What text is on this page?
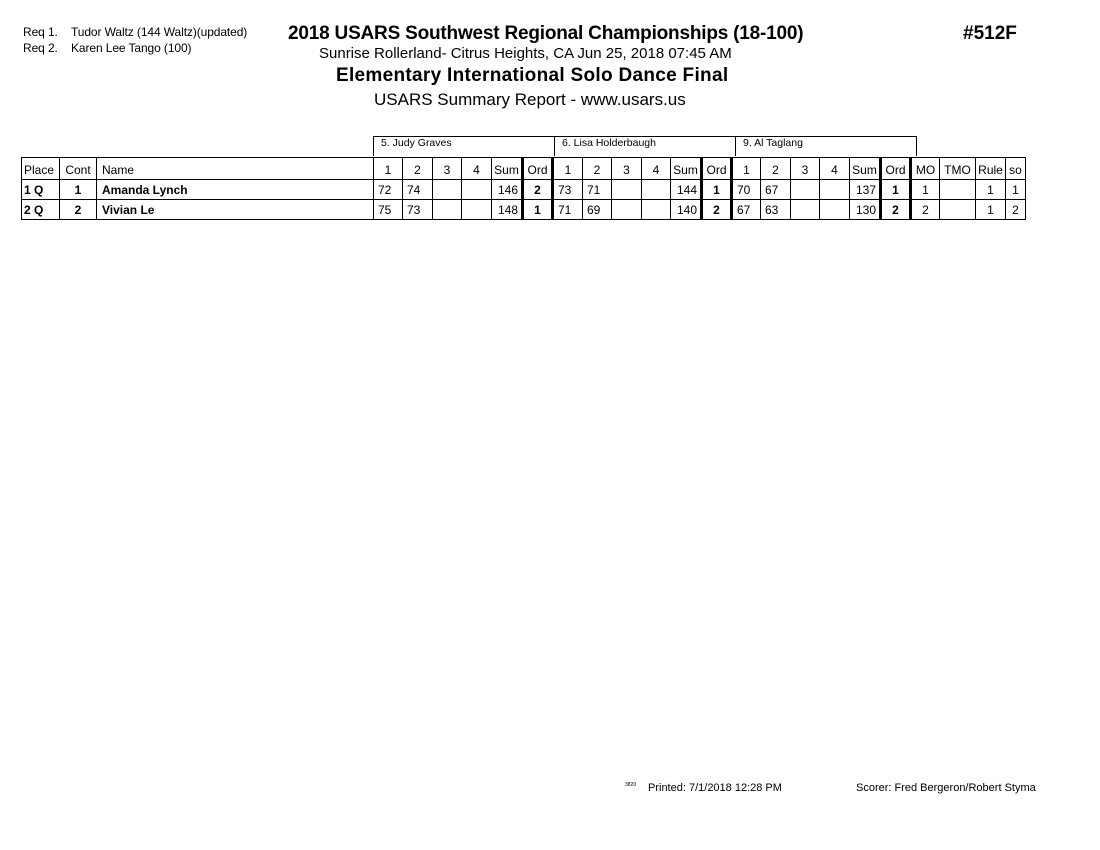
Req 1. Tudor Waltz (144 Waltz)(updated)
Req 2. Karen Lee Tango (100)
2018 USARS Southwest Regional Championships (18-100)	#512F
Sunrise Rollerland- Citrus Heights, CA Jun 25, 2018 07:45 AM
Elementary International Solo Dance Final
USARS Summary Report - www.usars.us
5. Judy Graves	6. Lisa Holderbaugh	9. Al Taglang
Place	Cont	Name	1	2	3	4	Sum	Ord	1	2	3	4	Sum	Ord	1	2	3	4	Sum	Ord	MO	TMO	Rule	so
1 Q	1	Amanda Lynch	72	74			146	2	73	71			144	1	70	67			137	1	1		1	1
2 Q	2	Vivian Le	75	73			148	1	71	69			140	2	67	63			130	2	2		1	2
3820 Printed: 7/1/2018 12:28 PM	Scorer: Fred Bergeron/Robert Styma
